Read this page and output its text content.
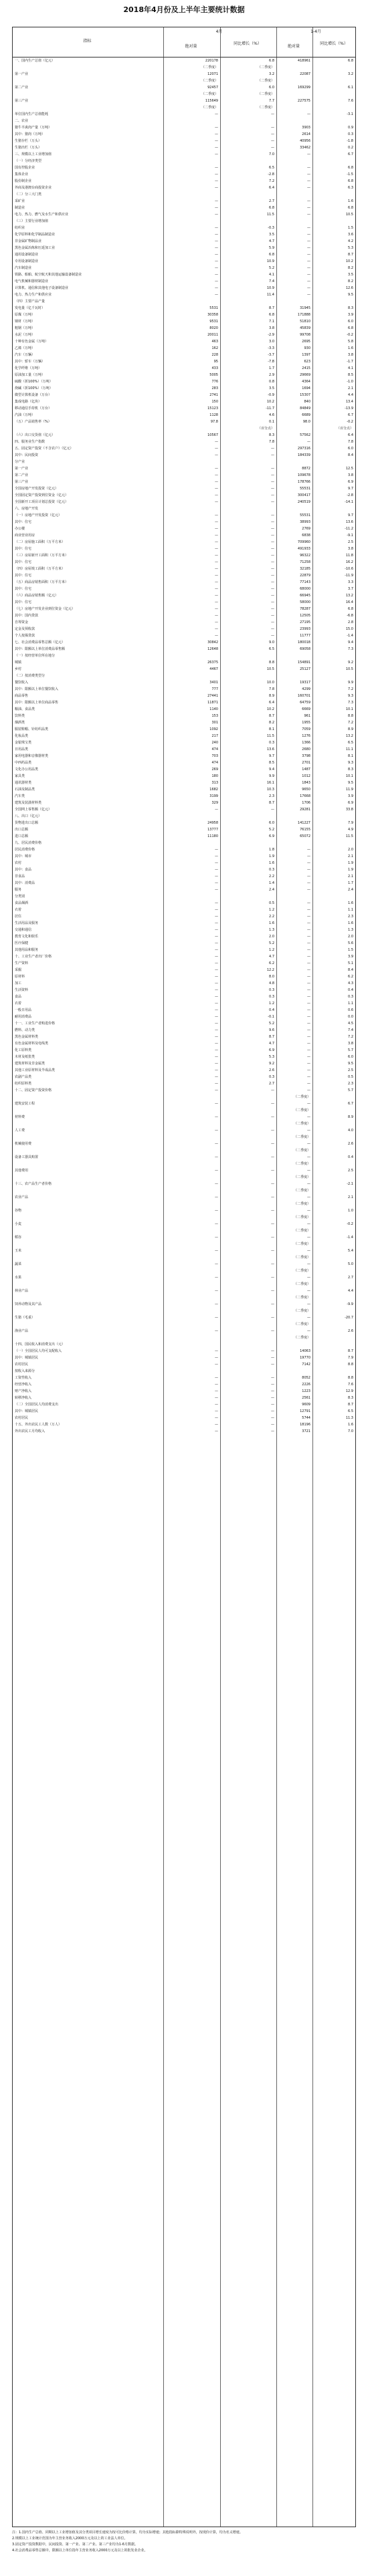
2018年4月份及上半年主要统计数据
指标
4月	1-4月
绝对量
同比增长（%）
绝对量
同比增长（%）
一、国内生产总值（亿元）	220178	6.8	418961	6.8
（二季度）	（二季度）
第一产业	12071	3.2	22087	3.2
（二季度）	（二季度）
第二产业	92457	6.0	169299	6.1
（二季度）	（二季度）
第三产业	115649	7.7	227575	7.6
（二季度）	（二季度）
单位国内生产总值能耗	—	—	—	-3.1
二、农业
猪牛羊禽肉产量（万吨）	—	—	3903	0.9
其中：猪肉（万吨）	—	—	2614	0.3
生猪存栏（万头）	—	—	40956	-1.8
生猪出栏（万头）	—	—	33462	0.2
三、规模以上工业增加值	—	7.0	—	6.7
（一）分经济类型
国有控股企业	—	6.5	—	6.8
集体企业	—	-2.8	—	-1.5
股份制企业	—	7.2	—	6.8
外商及港澳台商投资企业	—	6.4	—	6.3
（二）分三大门类
采矿业	—	2.7	—	1.6
制造业	—	6.8	—	6.8
电力、热力、燃气及水生产和供应业	—	11.5	—	10.5
（三）主要行业增加值
纺织业	—	-0.3	—	1.5
化学原料和化学制品制造业	—	3.5	—	3.6
非金属矿物制品业	—	4.7	—	4.2
黑色金属冶炼和压延加工业	—	5.9	—	5.3
通用设备制造业	—	6.8	—	8.7
专用设备制造业	—	10.9	—	10.2
汽车制造业	—	5.2	—	8.2
铁路、船舶、航空航天和其他运输设备制造业	—	4.1	—	3.5
电气机械和器材制造业	—	7.4	—	8.2
计算机、通信和其他电子设备制造业	—	10.9	—	12.6
电力、热力生产和供应业	—	11.4	—	9.5
（四）主要产品产量
发电量（亿千瓦时）	5531	8.7	31945	8.3
原煤（万吨）	30358	6.8	171888	3.9
钢材（万吨）	9531	7.1	51810	6.0
粗钢（万吨）	8020	3.8	45839	6.8
水泥（万吨）	20011	-2.9	99708	-0.2
十种有色金属（万吨）	463	3.0	2695	5.8
乙烯（万吨）	162	-3.3	930	1.6
汽车（万辆）	228	-3.7	1397	3.8
其中：轿车（万辆）	95	-7.8	623	-1.7
化学纤维（万吨）	433	1.7	2415	4.1
原油加工量（万吨）	5005	2.9	29669	8.5
硫酸（折100%）（万吨）	776	0.8	4364	-1.0
烧碱（折100%）（万吨）	283	3.5	1694	2.1
微型计算机设备（万台）	2741	-0.9	15307	4.4
集成电路（亿块）	150	10.2	840	13.4
移动通信手持机（万台）	15123	-11.7	84849	-13.9
汽油（万吨）	1128	4.6	6689	6.7
（五）产品销售率（%）	97.8	0.1	98.0	-0.2
（百分点）	（百分点）
（六）出口交货值（亿元）	10567	8.3	57562	6.4
四、服务业生产指数	—	7.8	—	7.8
五、固定资产投资（不含农户）（亿元）	—	—	297316	6.0
其中：民间投资	—	—	184339	8.4
分产业
第一产业	—	—	8872	12.5
第二产业	—	—	109678	3.8
第三产业	—	—	178766	6.9
全国房地产开发投资（亿元）	—	—	55531	9.7
全国固定资产投资到位资金（亿元）	—	—	300417	-2.8
全国新开工项目计划总投资（亿元）	—	—	240519	-14.1
六、房地产开发
（一）房地产开发投资（亿元）	—	—	55531	9.7
其中：住宅	—	—	38993	13.6
办公楼	—	—	2769	-11.2
商业营业用房	—	—	6838	-9.1
（二）房屋施工面积（万平方米）	—	—	709960	2.5
其中：住宅	—	—	491933	3.8
（三）房屋新开工面积（万平方米）	—	—	96322	11.8
其中：住宅	—	—	71258	16.2
（四）房屋竣工面积（万平方米）	—	—	32185	-10.6
其中：住宅	—	—	22879	-11.9
（五）商品房销售面积（万平方米）	—	—	77143	3.3
其中：住宅	—	—	68000	3.7
（六）商品房销售额（亿元）	—	—	66945	13.2
其中：住宅	—	—	58000	16.4
（七）房地产开发企业到位资金（亿元）	—	—	78287	6.8
其中：国内贷款	—	—	12505	-6.8
自筹资金	—	—	27195	2.8
定金及预收款	—	—	23993	15.0
个人按揭贷款	—	—	11777	-1.4
七、社会消费品零售总额（亿元）	30842	9.0	180018	9.4
其中：限额以上单位消费品零售额	12648	6.5	69058	7.3
（一）按经营单位所在地分
城镇	26375	8.8	154891	9.2
乡村	4467	10.5	25127	10.5
（二）按消费类型分
餐饮收入	3401	10.0	19317	9.9
其中：限额以上单位餐饮收入	777	7.8	4299	7.2
商品零售	27441	8.9	160701	9.3
其中：限额以上单位商品零售	11871	6.4	64759	7.3
粮油、食品类	1140	10.2	6669	10.1
饮料类	153	8.7	961	8.8
烟酒类	301	8.2	1955	7.2
服装鞋帽、针纺织品类	1092	8.1	7059	8.9
化妆品类	217	11.5	1276	13.2
金银珠宝类	240	0.3	1366	6.5
日用品类	474	13.6	2680	11.1
家用电器和音像器材类	703	9.7	3798	8.1
中西药品类	474	8.5	2701	9.3
文化办公用品类	269	9.4	1487	8.3
家具类	180	9.9	1012	10.1
通讯器材类	313	16.1	1843	9.5
石油及制品类	1682	10.3	9650	11.9
汽车类	3199	2.3	17668	3.9
建筑及装潢材料类	329	8.7	1706	6.9
全国网上零售额（亿元）	—	—	29281	33.8
八、出口（亿元）
货物进出口总额	24958	6.0	141227	7.9
出口总额	13777	5.2	76155	4.9
进口总额	11180	6.9	65072	11.5
九、居民消费价格
居民消费价格	—	1.8	—	2.0
其中：城市	—	1.9	—	2.1
农村	—	1.6	—	1.9
其中：食品	—	0.3	—	1.9
非食品	—	2.2	—	2.1
其中：消费品	—	1.4	—	1.7
服务	—	2.4	—	2.4
分类别
食品烟酒	—	0.5	—	1.6
衣着	—	1.2	—	1.1
居住	—	2.2	—	2.3
生活用品及服务	—	1.6	—	1.6
交通和通信	—	1.3	—	1.3
教育文化和娱乐	—	2.0	—	2.0
医疗保健	—	5.2	—	5.6
其他用品和服务	—	1.2	—	1.5
十、工业生产者出厂价格	—	4.7	—	3.9
生产资料	—	6.2	—	5.1
采掘	—	12.2	—	8.4
原材料	—	8.0	—	6.2
加工	—	4.8	—	4.3
生活资料	—	0.3	—	0.4
食品	—	0.3	—	0.3
衣着	—	1.2	—	1.1
一般日用品	—	0.4	—	0.6
耐用消费品	—	-0.1	—	0.0
十一、工业生产者购进价格	—	5.2	—	4.5
燃料、动力类	—	9.6	—	7.4
黑色金属材料类	—	8.7	—	7.2
有色金属材料及电线类	—	4.7	—	3.8
化工原料类	—	6.9	—	5.7
木材及纸浆类	—	5.3	—	6.0
建筑材料及非金属类	—	9.2	—	9.5
其他工业原材料及半成品类	—	2.6	—	2.5
农副产品类	—	0.3	—	0.5
纺织原料类	—	2.7	—	2.3
十二、固定资产投资价格	—	—	—	5.7
（二季度）
建筑安装工程	—	—	—	6.7
（二季度）
材料费	—	—	—	8.9
（二季度）
人工费	—	—	—	4.0
（二季度）
机械使用费	—	—	—	2.6
（二季度）
设备工器具购置	—	—	—	0.4
（二季度）
其他费用	—	—	—	2.5
（二季度）
十三、农产品生产者价格	—	—	—	-2.1
（二季度）
农业产品	—	—	—	2.1
（二季度）
谷物	—	—	—	1.0
（二季度）
小麦	—	—	—	-0.2
（二季度）
稻谷	—	—	—	-1.4
（二季度）
玉米	—	—	—	5.4
（二季度）
蔬菜	—	—	—	5.0
（二季度）
水果	—	—	—	2.7
（二季度）
林业产品	—	—	—	4.4
（二季度）
饲养动物及其产品	—	—	—	-9.9
（二季度）
生猪（毛重）	—	—	—	-20.7
（二季度）
渔业产品	—	—	—	2.6
（二季度）
十四、国民收入和消费支出（元）
（一）全国居民人均可支配收入	—	—	14063	8.7
其中：城镇居民	—	—	19770	7.9
农村居民	—	—	7142	8.8
按收入来源分
工资性收入	—	—	8052	8.8
经营净收入	—	—	2226	7.6
财产净收入	—	—	1223	12.9
转移净收入	—	—	2561	8.3
（二）全国居民人均消费支出	—	—	9609	8.7
其中：城镇居民	—	—	12791	6.5
农村居民	—	—	5744	11.3
十五、外出农民工人数（万人）	—	—	18196	1.6
外出农民工月均收入	—	—	3721	7.0
注：1.国内生产总值、同期以上工业增加值及其分类项目增长速度为按可比价格计算，均为实际增速；其他指标除特殊说明外，按现价计算，均为名义增速。
2.规模以上工业统计范围为年主营业务收入2000万元及以上的工业法人单位。
3.固定资产投资数据中，民间投资、第一产业、第二产业、第三产业均为1-6月数据。
4.社会消费品零售总额中，限额以上单位指年主营业务收入2000万元及以上的批发业企业。
